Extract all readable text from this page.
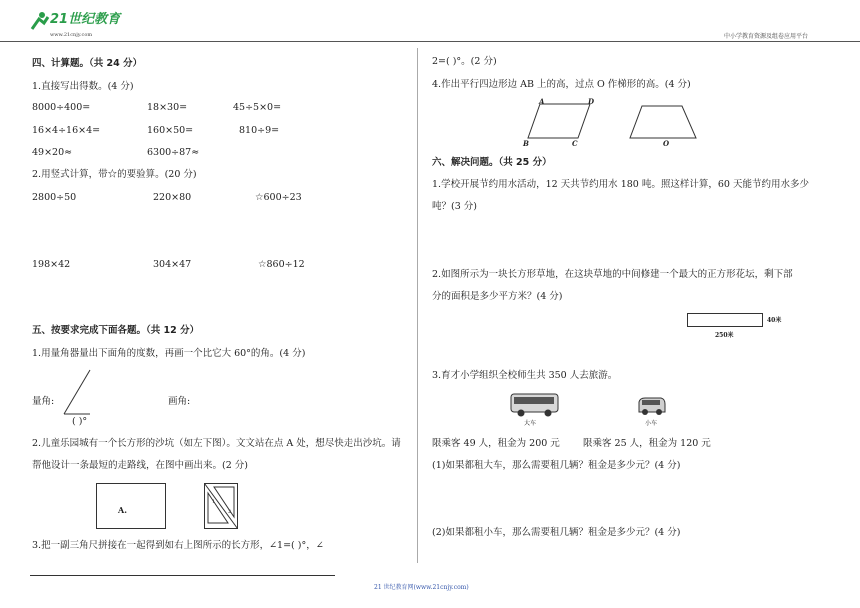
21世纪教育
www.21cnjy.com	中小学教育资源及组卷应用平台
四、计算题。（共 24 分）
1.直接写出得数。(4 分)
8000÷400=	18×30=	45÷5×0=
16×4÷16×4=	160×50=	810÷9=
49×20≈	6300÷87≈
2.用竖式计算，带☆的要验算。(20 分)
2800÷50	220×80	☆600÷23
198×42	304×47	☆860÷12
五、按要求完成下面各题。（共 12 分）
1.用量角器量出下面角的度数，再画一个比它大 60°的角。(4 分)
量角:	画角:
( )°
2.儿童乐园城有一个长方形的沙坑（如左下图）。文文站在点 A 处，想尽快走出沙坑。请
帮他设计一条最短的走路线，在图中画出来。(2 分)
A.
1
2
3.把一副三角尺拼接在一起得到如右上图所示的长方形，∠1=( )°，∠
2=( )°。(2 分)
4.作出平行四边形边 AB 上的高，过点 O 作梯形的高。(4 分)
A	D
B	C	O
六、解决问题。（共 25 分）
1.学校开展节约用水活动，12 天共节约用水 180 吨。照这样计算，60 天能节约用水多少
吨？(3 分)
2.如图所示为一块长方形草地，在这块草地的中间修建一个最大的正方形花坛，剩下部
分的面积是多少平方米？(4 分)
40米
250米
3.育才小学组织全校师生共 350 人去旅游。
大车	小车
限乘客 49 人，租金为 200 元 限乘客 25 人，租金为 120 元
(1)如果都租大车，那么需要租几辆？租金是多少元？(4 分)
(2)如果都租小车，那么需要租几辆？租金是多少元？(4 分)
21 世纪教育网(www.21cnjy.com)
